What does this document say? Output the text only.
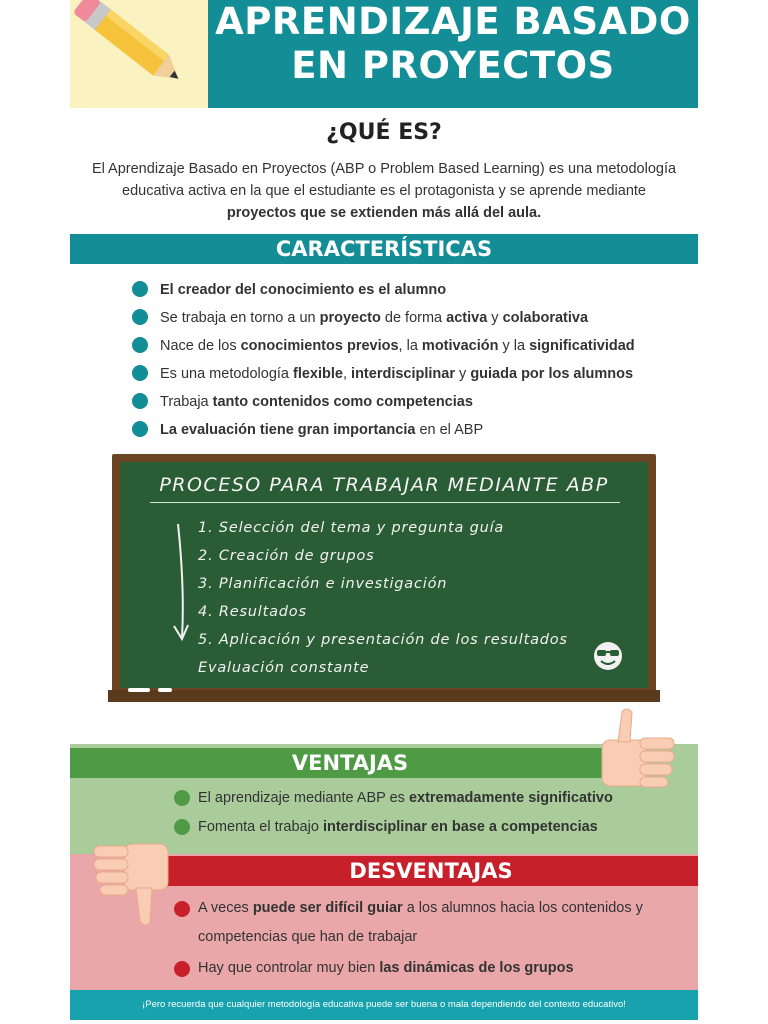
APRENDIZAJE BASADO
EN PROYECTOS
¿QUÉ ES?

El Aprendizaje Basado en Proyectos (ABP o Problem Based Learning) es una metodología educativa activa en la que el estudiante es el protagonista y se aprende mediante proyectos que se extienden más allá del aula.

CARACTERÍSTICAS
El creador del conocimiento es el alumno
Se trabaja en torno a un proyecto de forma activa y colaborativa
Nace de los conocimientos previos, la motivación y la significatividad
Es una metodología flexible, interdisciplinar y guiada por los alumnos
Trabaja tanto contenidos como competencias
La evaluación tiene gran importancia en el ABP
PROCESO PARA TRABAJAR MEDIANTE ABP
1. Selección del tema y pregunta guía
2. Creación de grupos
3. Planificación e investigación
4. Resultados
5. Aplicación y presentación de los resultados
Evaluación constante
VENTAJAS
El aprendizaje mediante ABP es extremadamente significativo
Fomenta el trabajo interdisciplinar en base a competencias
DESVENTAJAS
A veces puede ser difícil guiar a los alumnos hacia los contenidos y competencias que han de trabajar
Hay que controlar muy bien las dinámicas de los grupos
¡Pero recuerda que cualquier metodología educativa puede ser buena o mala dependiendo del contexto educativo!
